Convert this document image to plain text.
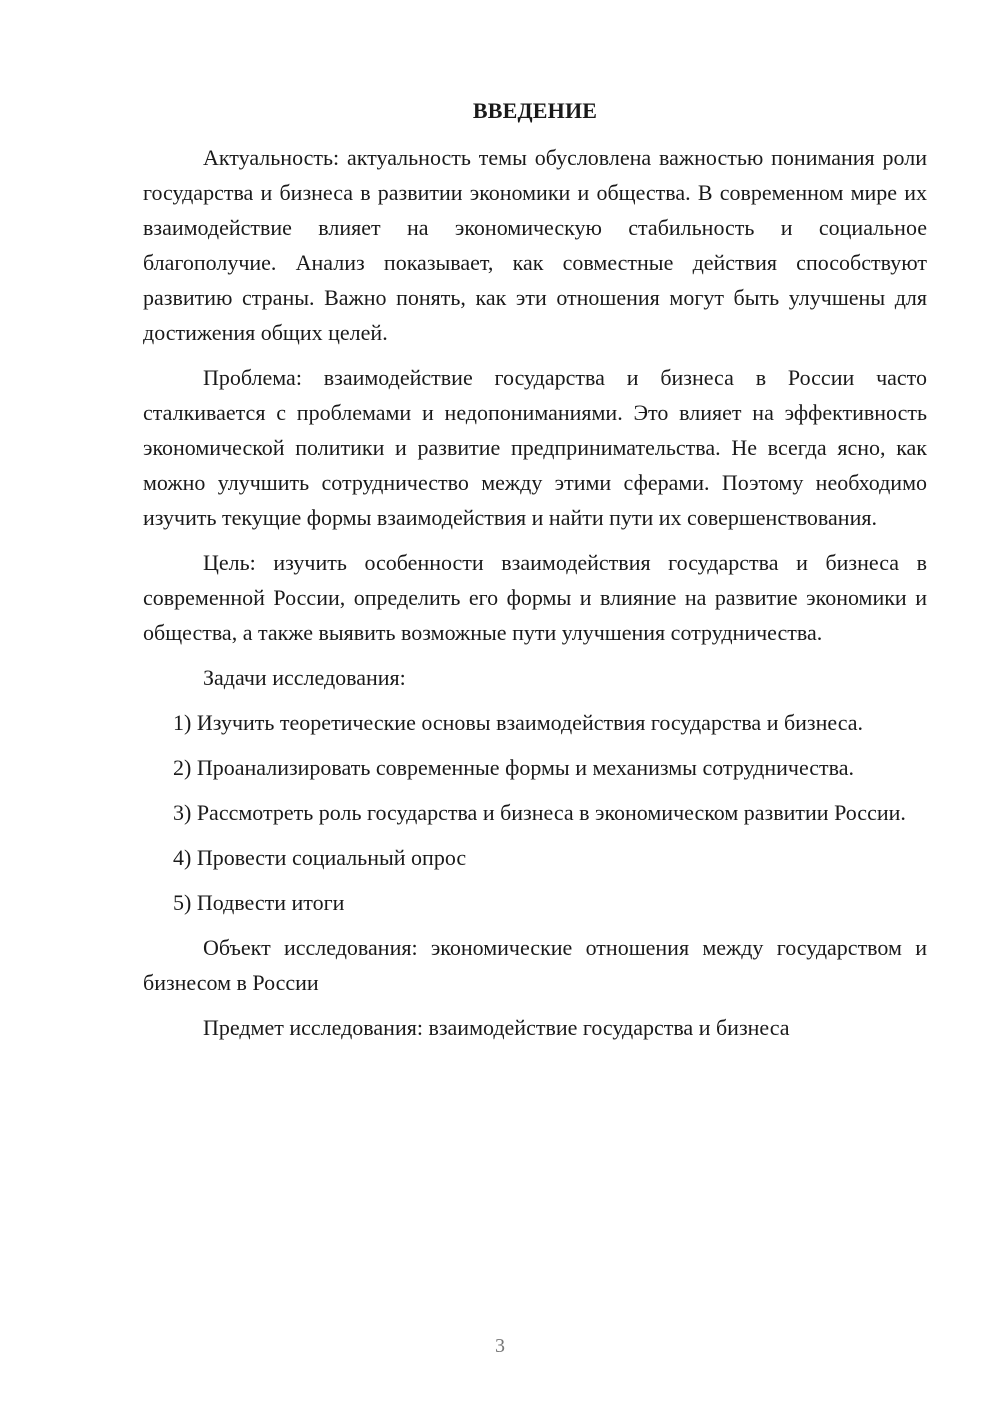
ВВЕДЕНИЕ

Актуальность: актуальность темы обусловлена важностью понимания роли государства и бизнеса в развитии экономики и общества. В современном мире их взаимодействие влияет на экономическую стабильность и социальное благополучие. Анализ показывает, как совместные действия способствуют развитию страны. Важно понять, как эти отношения могут быть улучшены для достижения общих целей.

Проблема: взаимодействие государства и бизнеса в России часто сталкивается с проблемами и недопониманиями. Это влияет на эффективность экономической политики и развитие предпринимательства. Не всегда ясно, как можно улучшить сотрудничество между этими сферами. Поэтому необходимо изучить текущие формы взаимодействия и найти пути их совершенствования.

Цель: изучить особенности взаимодействия государства и бизнеса в современной России, определить его формы и влияние на развитие экономики и общества, а также выявить возможные пути улучшения сотрудничества.

Задачи исследования:

1) Изучить теоретические основы взаимодействия государства и бизнеса.

2) Проанализировать современные формы и механизмы сотрудничества.

3) Рассмотреть роль государства и бизнеса в экономическом развитии России.

4) Провести социальный опрос

5) Подвести итоги

Объект исследования: экономические отношения между государством и бизнесом в России

Предмет исследования: взаимодействие государства и бизнеса

3
